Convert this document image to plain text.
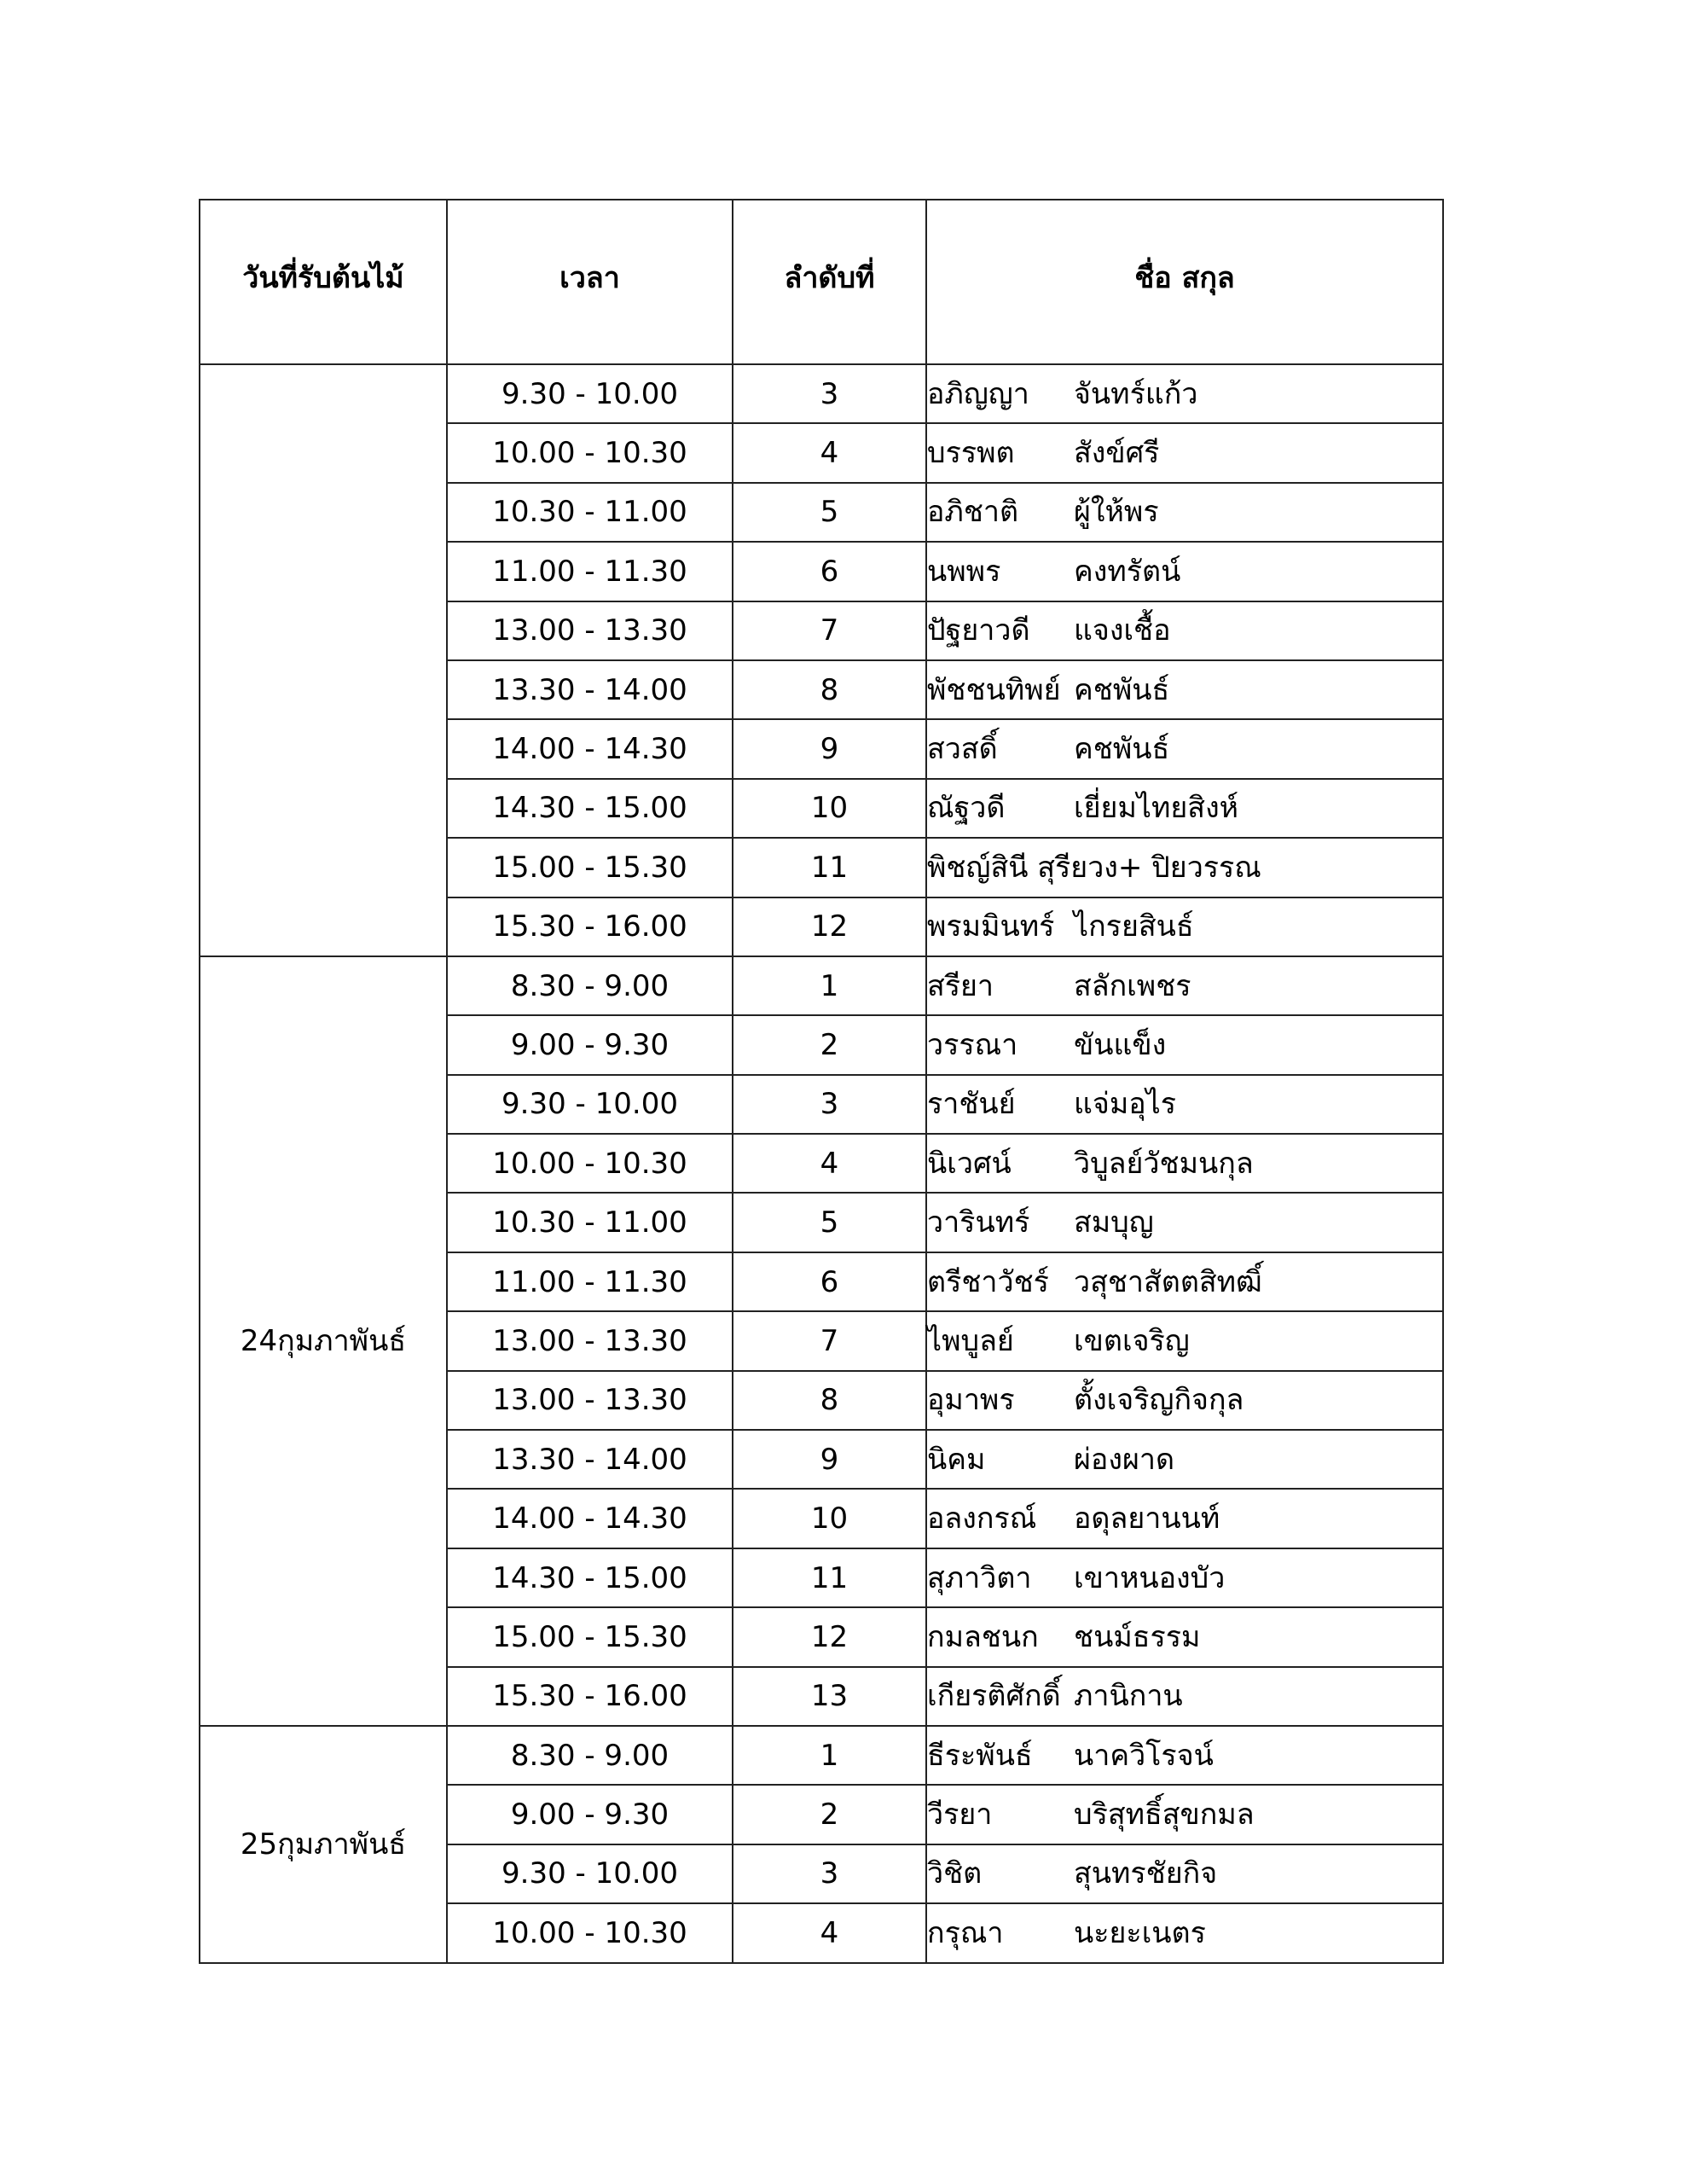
วันที่รับต้นไม้	เวลา	ลำดับที่	ชื่อ สกุล
	9.30 - 10.00	3	อภิญญา จันทร์แก้ว
	10.00 - 10.30	4	บรรพต สังข์ศรี
	10.30 - 11.00	5	อภิชาติ ผู้ให้พร
	11.00 - 11.30	6	นพพร คงทรัตน์
	13.00 - 13.30	7	ปัฐยาวดี แจงเชื้อ
	13.30 - 14.00	8	พัชชนทิพย์ คชพันธ์
	14.00 - 14.30	9	สวสดิ์ คชพันธ์
	14.30 - 15.00	10	ณัฐวดี เยี่ยมไทยสิงห์
	15.00 - 15.30	11	พิชญ์สินี สุรียวง+ ปิยวรรณ
	15.30 - 16.00	12	พรมมินทร์ ไกรยสินธ์
24กุมภาพันธ์	8.30 - 9.00	1	สรียา สลักเพชร
	9.00 - 9.30	2	วรรณา ขันแข็ง
	9.30 - 10.00	3	ราชันย์ แจ่มอุไร
	10.00 - 10.30	4	นิเวศน์ วิบูลย์วัชมนกุล
	10.30 - 11.00	5	วารินทร์ สมบุญ
	11.00 - 11.30	6	ตรีชาวัชร์ วสุชาสัตตสิทฒิ์
	13.00 - 13.30	7	ไพบูลย์ เขตเจริญ
	13.00 - 13.30	8	อุมาพร ตั้งเจริญกิจกุล
	13.30 - 14.00	9	นิคม ผ่องผาด
	14.00 - 14.30	10	อลงกรณ์ อดุลยานนท์
	14.30 - 15.00	11	สุภาวิตา เขาหนองบัว
	15.00 - 15.30	12	กมลชนก ชนม์ธรรม
	15.30 - 16.00	13	เกียรติศักดิ์ ภานิกาน
25กุมภาพันธ์	8.30 - 9.00	1	ธีระพันธ์ นาควิโรจน์
	9.00 - 9.30	2	วีรยา บริสุทธิ์สุขกมล
	9.30 - 10.00	3	วิชิต สุนทรชัยกิจ
	10.00 - 10.30	4	กรุณา นะยะเนตร
